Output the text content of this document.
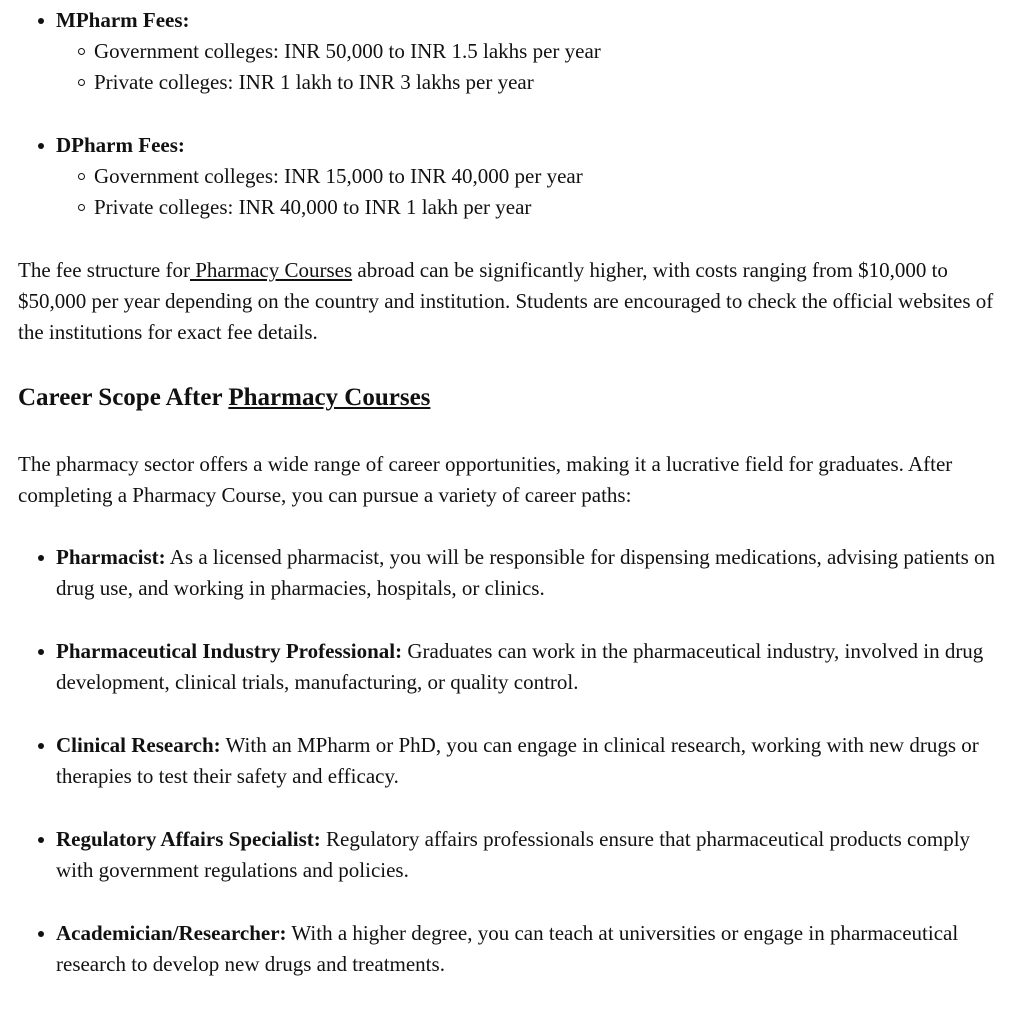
MPharm Fees:
Government colleges: INR 50,000 to INR 1.5 lakhs per year
Private colleges: INR 1 lakh to INR 3 lakhs per year
DPharm Fees:
Government colleges: INR 15,000 to INR 40,000 per year
Private colleges: INR 40,000 to INR 1 lakh per year

The fee structure for Pharmacy Courses abroad can be significantly higher, with costs ranging from $10,000 to $50,000 per year depending on the country and institution. Students are encouraged to check the official websites of the institutions for exact fee details.

Career Scope After Pharmacy Courses

The pharmacy sector offers a wide range of career opportunities, making it a lucrative field for graduates. After completing a Pharmacy Course, you can pursue a variety of career paths:

Pharmacist: As a licensed pharmacist, you will be responsible for dispensing medications, advising patients on drug use, and working in pharmacies, hospitals, or clinics.
Pharmaceutical Industry Professional: Graduates can work in the pharmaceutical industry, involved in drug development, clinical trials, manufacturing, or quality control.
Clinical Research: With an MPharm or PhD, you can engage in clinical research, working with new drugs or therapies to test their safety and efficacy.
Regulatory Affairs Specialist: Regulatory affairs professionals ensure that pharmaceutical products comply with government regulations and policies.
Academician/Researcher: With a higher degree, you can teach at universities or engage in pharmaceutical research to develop new drugs and treatments.
